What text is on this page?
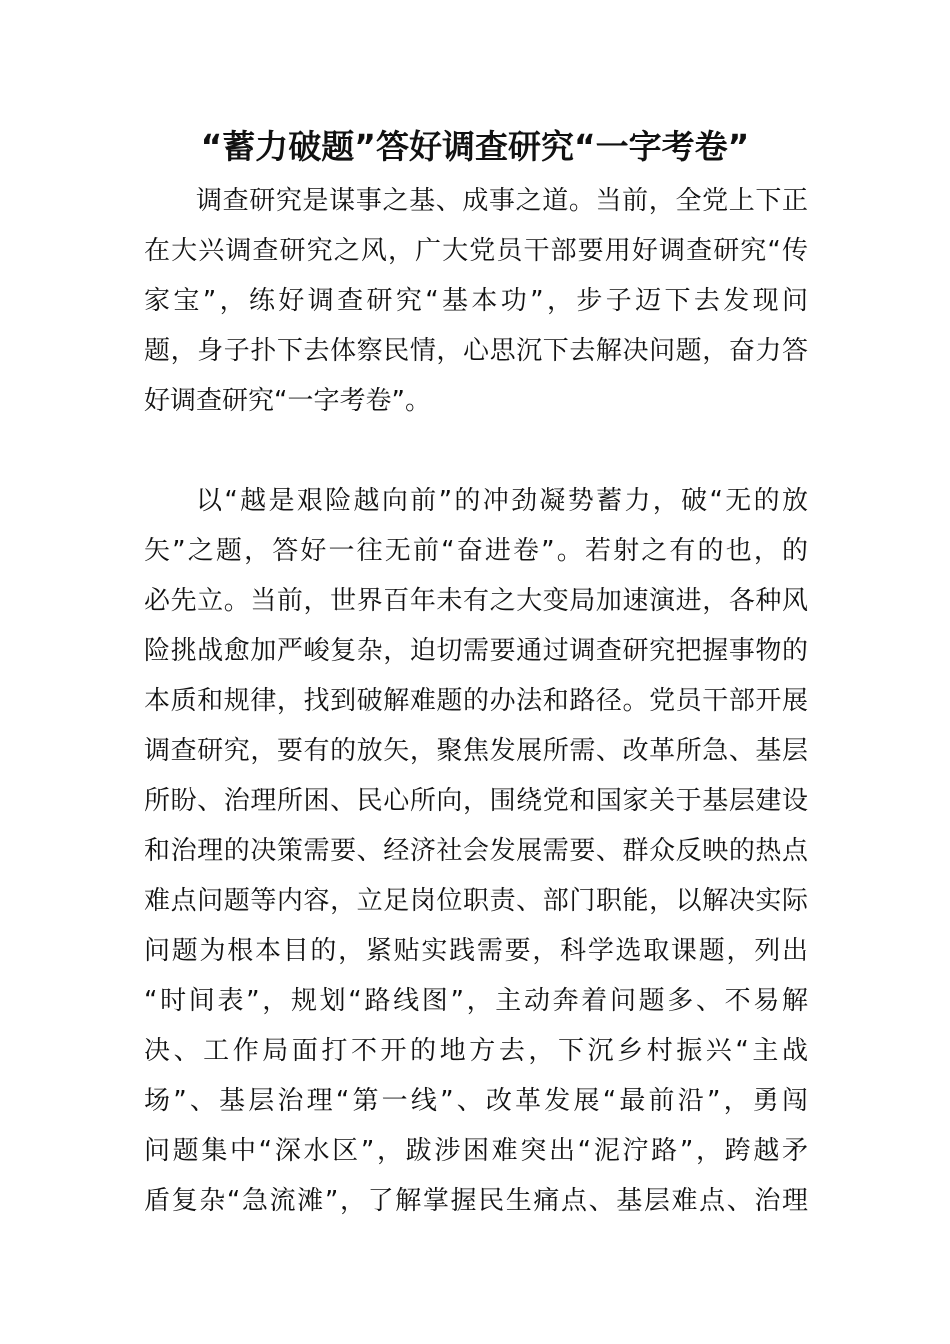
“蓄力破题”答好调查研究“一字考卷”
调查研究是谋事之基、成事之道。当前，全党上下正
在大兴调查研究之风，广大党员干部要用好调查研究“传
家宝”，练好调查研究“基本功”，步子迈下去发现问
题，身子扑下去体察民情，心思沉下去解决问题，奋力答
好调查研究“一字考卷”。
以“越是艰险越向前”的冲劲凝势蓄力，破“无的放
矢”之题，答好一往无前“奋进卷”。若射之有的也，的
必先立。当前，世界百年未有之大变局加速演进，各种风
险挑战愈加严峻复杂，迫切需要通过调查研究把握事物的
本质和规律，找到破解难题的办法和路径。党员干部开展
调查研究，要有的放矢，聚焦发展所需、改革所急、基层
所盼、治理所困、民心所向，围绕党和国家关于基层建设
和治理的决策需要、经济社会发展需要、群众反映的热点
难点问题等内容，立足岗位职责、部门职能，以解决实际
问题为根本目的，紧贴实践需要，科学选取课题，列出
“时间表”，规划“路线图”，主动奔着问题多、不易解
决、工作局面打不开的地方去，下沉乡村振兴“主战
场”、基层治理“第一线”、改革发展“最前沿”，勇闯
问题集中“深水区”，跋涉困难突出“泥泞路”，跨越矛
盾复杂“急流滩”，了解掌握民生痛点、基层难点、治理
